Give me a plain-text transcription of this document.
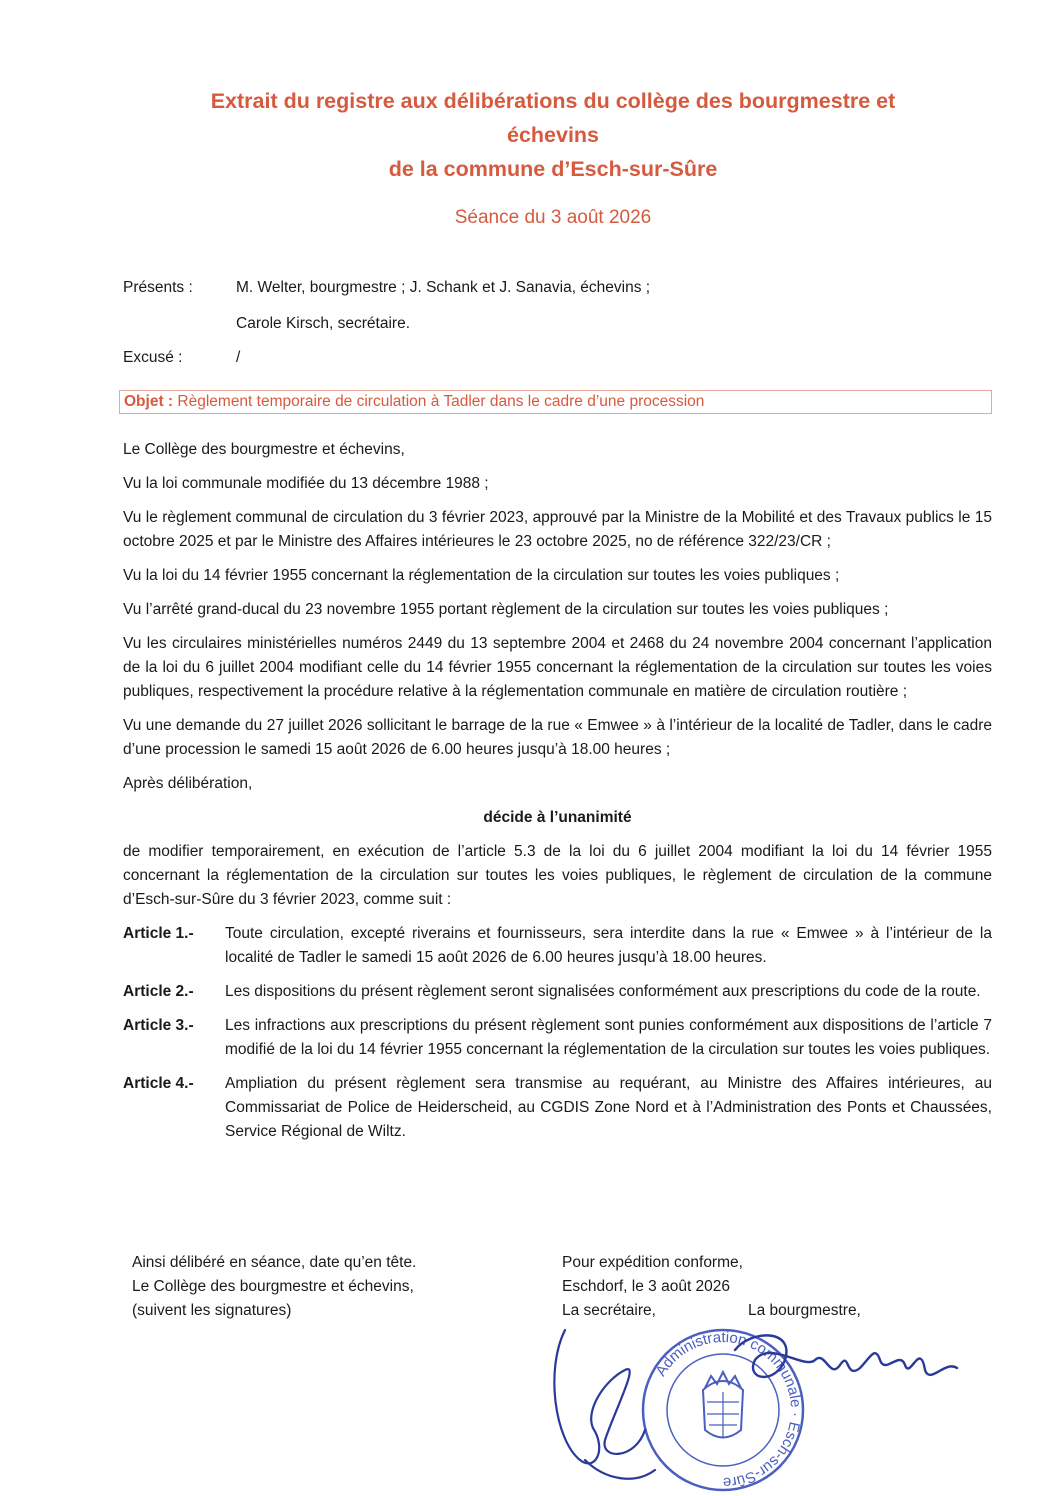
Extrait du registre aux délibérations du collège des bourgmestre et
échevins
de la commune d’Esch-sur-Sûre
Séance du 3 août 2026
Présents :	M. Welter, bourgmestre ; J. Schank et J. Sanavia, échevins ;
Carole Kirsch, secrétaire.
Excusé :	/
Objet : Règlement temporaire de circulation à Tadler dans le cadre d’une procession

Le Collège des bourgmestre et échevins,

Vu la loi communale modifiée du 13 décembre 1988 ;

Vu le règlement communal de circulation du 3 février 2023, approuvé par la Ministre de la Mobilité et des Travaux publics le 15 octobre 2025 et par le Ministre des Affaires intérieures le 23 octobre 2025, no de référence 322/23/CR ;

Vu la loi du 14 février 1955 concernant la réglementation de la circulation sur toutes les voies publiques ;

Vu l’arrêté grand-ducal du 23 novembre 1955 portant règlement de la circulation sur toutes les voies publiques ;

Vu les circulaires ministérielles numéros 2449 du 13 septembre 2004 et 2468 du 24 novembre 2004 concernant l’application de la loi du 6 juillet 2004 modifiant celle du 14 février 1955 concernant la réglementation de la circulation sur toutes les voies publiques, respectivement la procédure relative à la réglementation communale en matière de circulation routière ;

Vu une demande du 27 juillet 2026 sollicitant le barrage de la rue « Emwee » à l’intérieur de la localité de Tadler, dans le cadre d’une procession le samedi 15 août 2026 de 6.00 heures jusqu’à 18.00 heures ;

Après délibération,

décide à l’unanimité

de modifier temporairement, en exécution de l’article 5.3 de la loi du 6 juillet 2004 modifiant la loi du 14 février 1955 concernant la réglementation de la circulation sur toutes les voies publiques, le règlement de circulation de la commune d’Esch-sur-Sûre du 3 février 2023, comme suit :

Article 1.-	Toute circulation, excepté riverains et fournisseurs, sera interdite dans la rue « Emwee » à l’intérieur de la localité de Tadler le samedi 15 août 2026 de 6.00 heures jusqu’à 18.00 heures.
Article 2.-	Les dispositions du présent règlement seront signalisées conformément aux prescriptions du code de la route.
Article 3.-	Les infractions aux prescriptions du présent règlement sont punies conformément aux dispositions de l’article 7 modifié de la loi du 14 février 1955 concernant la réglementation de la circulation sur toutes les voies publiques.
Article 4.-	Ampliation du présent règlement sera transmise au requérant, au Ministre des Affaires intérieures, au Commissariat de Police de Heiderscheid, au CGDIS Zone Nord et à l’Administration des Ponts et Chaussées, Service Régional de Wiltz.
Ainsi délibéré en séance, date qu’en tête.
Le Collège des bourgmestre et échevins,
(suivent les signatures)
Pour expédition conforme,
Eschdorf, le 3 août 2026
La secrétaire,	La bourgmestre,
Administration communale · Esch-sur-Sûre
